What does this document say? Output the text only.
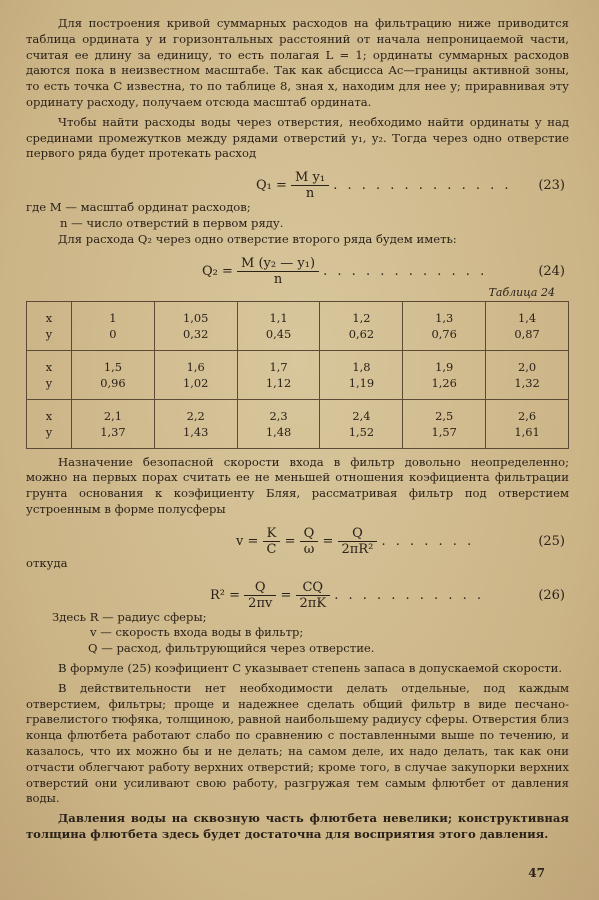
Для построения кривой суммарных расходов на фильтрацию ниже приводится таблица ордината y и горизонтальных расстояний от начала непроницаемой части, считая ее длину за единицу, то есть полагая L = 1; ординаты суммарных расходов даются пока в неизвестном масштабе. Так как абсцисса Ac—границы активной зоны, то есть точка C известна, то по таблице 8, зная x, находим для нее y; приравнивая эту ординату расходу, получаем отсюда масштаб ордината.

Чтобы найти расходы воды через отверстия, необходимо найти ординаты y над срединами промежутков между рядами отверстий y₁, y₂. Тогда через одно отверстие первого ряда будет протекать расход

$Q_1 = \frac{\text{M y₁}}{n}$ . . . . . . . . . . . . . (23)

где M — масштаб ординат расходов;

n — число отверстий в первом ряду.

Для расхода Q₂ через одно отверстие второго ряда будем иметь:

$Q_2 = \frac{\text{M (y₂ — y₁)}}{n}$ . . . . . . . . . . . .	(24)
Таблица 24
x	1	1,05	1,1	1,2	1,3	1,4
y	0	0,32	0,45	0,62	0,76	0,87
x	1,5	1,6	1,7	1,8	1,9	2,0
y	0,96	1,02	1,12	1,19	1,26	1,32
x	2,1	2,2	2,3	2,4	2,5	2,6
y	1,37	1,43	1,48	1,52	1,57	1,61

Назначение безопасной скорости входа в фильтр довольно неопределенно; можно на первых порах считать ее не меньшей отношения коэфициента фильтрации грунта основания к коэфициенту Бляя, рассматривая фильтр под отверстием устроенным в форме полусферы

$v = \frac{K}{C} = \frac{Q}{\omega} = \frac{Q}{\text{2πR²}}$ . . . . . . .	(25)

откуда

$R^2 = \frac{Q}{2\pi v} = \frac{CQ}{2\pi K}$ . . . . . . . . . . .	(26)

Здесь R — радиус сферы;

v — скорость входа воды в фильтр;

Q — расход, фильтрующийся через отверстие.

В формуле (25) коэфициент C указывает степень запаса в допускаемой скорости.

В действительности нет необходимости делать отдельные, под каждым отверстием, фильтры; проще и надежнее сделать общий фильтр в виде песчано-гравелистого тюфяка, толщиною, равной наибольшему радиусу сферы. Отверстия близ конца флютбета работают слабо по сравнению с поставленными выше по течению, и казалось, что их можно бы и не делать; на самом деле, их надо делать, так как они отчасти облегчают работу верхних отверстий; кроме того, в случае закупорки верхних отверстий они усиливают свою работу, разгружая тем самым флютбет от давления воды.

Давления воды на сквозную часть флютбета невелики; конструктивная толщина флютбета здесь будет достаточна для восприятия этого давления.

47
